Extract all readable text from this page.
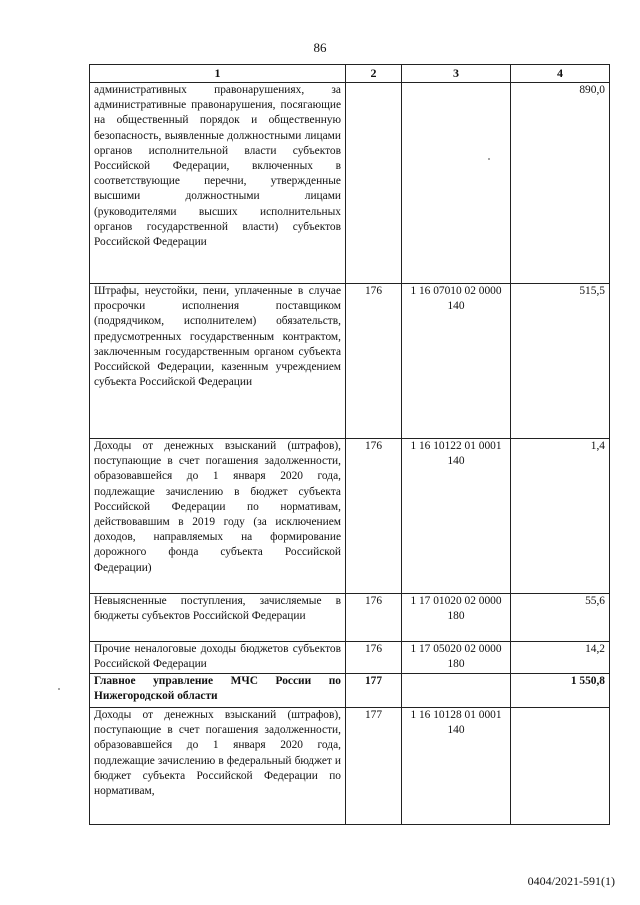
86
1	2	3	4
административных правонарушениях, за административные правонарушения, посягающие на общественный порядок и общественную безопасность, выявленные должностными лицами органов исполнительной власти субъектов Российской Федерации, включенных в соответствующие перечни, утвержденные высшими должностными лицами (руководителями высших исполнительных органов государственной власти) субъектов Российской Федерации			890,0
Штрафы, неустойки, пени, уплаченные в случае просрочки исполнения поставщиком (подрядчиком, исполнителем) обязательств, предусмотренных государственным контрактом, заключенным государственным органом субъекта Российской Федерации, казенным учреждением субъекта Российской Федерации	176	1 16 07010 02 0000 140	515,5
Доходы от денежных взысканий (штрафов), поступающие в счет погашения задолженности, образовавшейся до 1 января 2020 года, подлежащие зачислению в бюджет субъекта Российской Федерации по нормативам, действовавшим в 2019 году (за исключением доходов, направляемых на формирование дорожного фонда субъекта Российской Федерации)	176	1 16 10122 01 0001 140	1,4
Невыясненные поступления, зачисляемые в бюджеты субъектов Российской Федерации	176	1 17 01020 02 0000 180	55,6
Прочие неналоговые доходы бюджетов субъектов Российской Федерации	176	1 17 05020 02 0000 180	14,2
Главное управление МЧС России по Нижегородской области	177		1 550,8
Доходы от денежных взысканий (штрафов), поступающие в счет погашения задолженности, образовавшейся до 1 января 2020 года, подлежащие зачислению в федеральный бюджет и бюджет субъекта Российской Федерации по нормативам,	177	1 16 10128 01 0001 140	
0404/2021-591(1)
